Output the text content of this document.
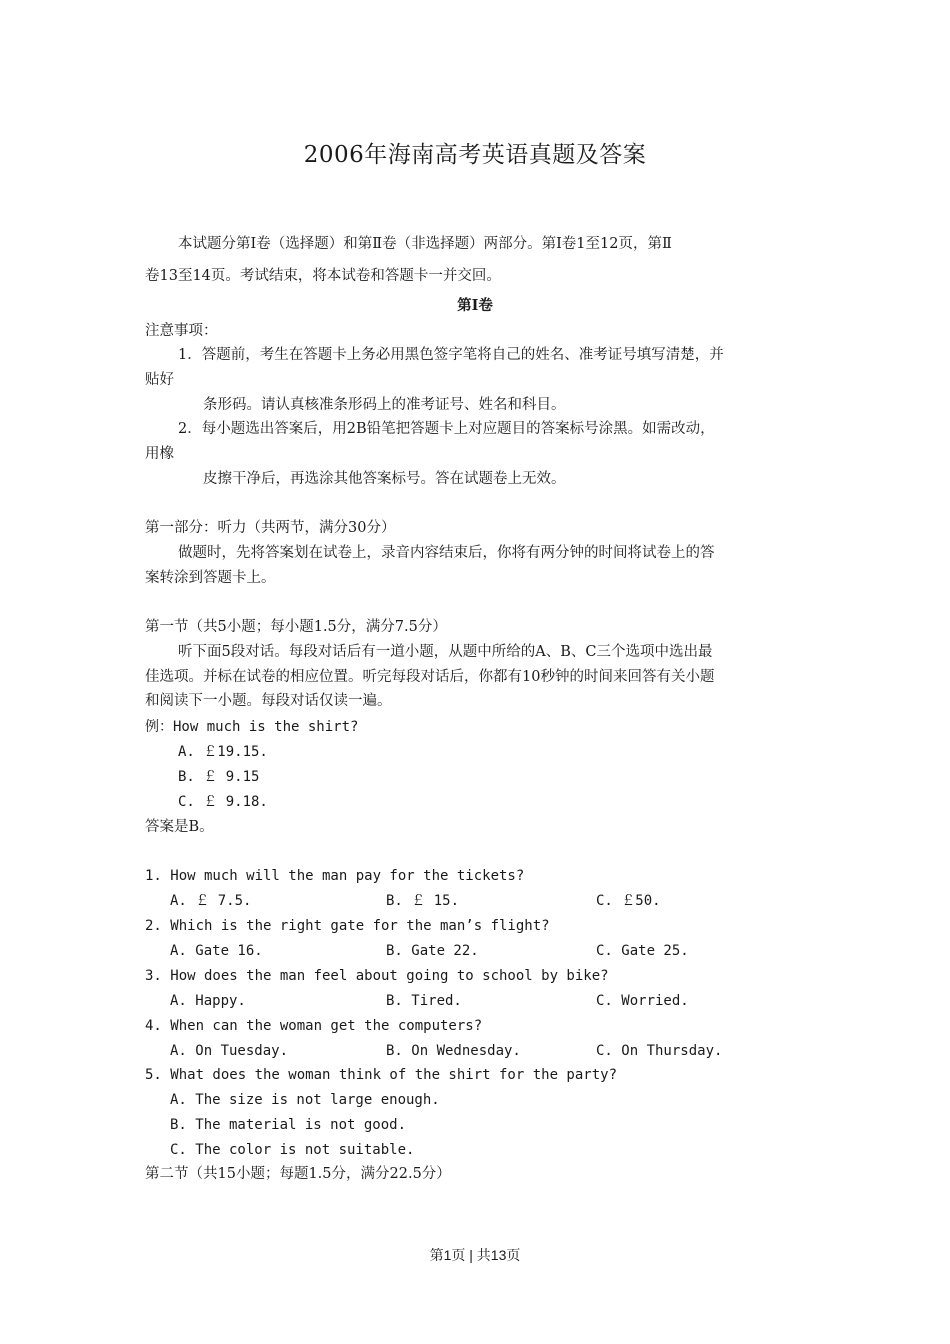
2006年海南高考英语真题及答案
本试题分第Ⅰ卷（选择题）和第Ⅱ卷（非选择题）两部分。第Ⅰ卷1至12页，第Ⅱ
卷13至14页。考试结束，将本试卷和答题卡一并交回。
第Ⅰ卷
注意事项：
1．答题前，考生在答题卡上务必用黑色签字笔将自己的姓名、准考证号填写清楚，并
贴好
条形码。请认真核准条形码上的准考证号、姓名和科目。
2．每小题选出答案后，用2B铅笔把答题卡上对应题目的答案标号涂黑。如需改动，
用橡
皮擦干净后，再选涂其他答案标号。答在试题卷上无效。
第一部分：听力（共两节，满分30分）
做题时，先将答案划在试卷上，录音内容结束后，你将有两分钟的时间将试卷上的答
案转涂到答题卡上。
第一节（共5小题；每小题1.5分，满分7.5分）
听下面5段对话。每段对话后有一道小题，从题中所给的A、B、C三个选项中选出最
佳选项。并标在试卷的相应位置。听完每段对话后，你都有10秒钟的时间来回答有关小题
和阅读下一小题。每段对话仅读一遍。
例：How much is the shirt?
A. ￡19.15.
B. ￡ 9.15
C. ￡ 9.18.
答案是B。
1. How much will the man pay for the tickets?
A. ￡ 7.5.	B. ￡ 15.	C. ￡50.
2. Which is the right gate for the man’s flight?
A. Gate 16.	B. Gate 22.	C. Gate 25.
3. How does the man feel about going to school by bike?
A. Happy.	B. Tired.	C. Worried.
4. When can the woman get the computers?
A. On Tuesday.	B. On Wednesday.	C. On Thursday.
5. What does the woman think of the shirt for the party?
A. The size is not large enough.
B. The material is not good.
C. The color is not suitable.
第二节（共15小题；每题1.5分，满分22.5分）
第1页 | 共13页
